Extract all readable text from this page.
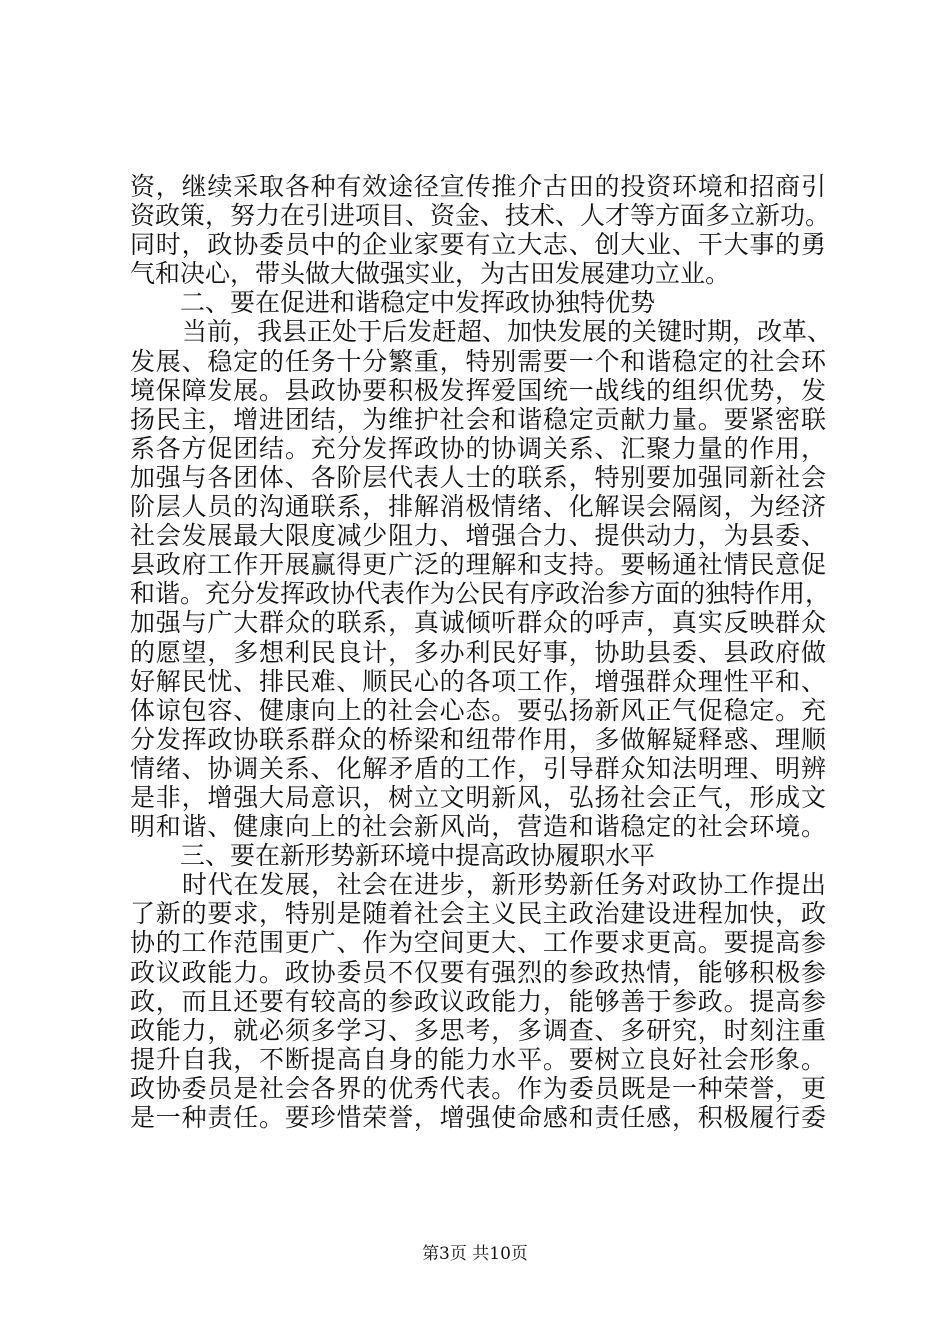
资，继续采取各种有效途径宣传推介古田的投资环境和招商引
资政策，努力在引进项目、资金、技术、人才等方面多立新功。
同时，政协委员中的企业家要有立大志、创大业、干大事的勇
气和决心，带头做大做强实业，为古田发展建功立业。
二、要在促进和谐稳定中发挥政协独特优势
当前，我县正处于后发赶超、加快发展的关键时期，改革、
发展、稳定的任务十分繁重，特别需要一个和谐稳定的社会环
境保障发展。县政协要积极发挥爱国统一战线的组织优势，发
扬民主，增进团结，为维护社会和谐稳定贡献力量。要紧密联
系各方促团结。充分发挥政协的协调关系、汇聚力量的作用，
加强与各团体、各阶层代表人士的联系，特别要加强同新社会
阶层人员的沟通联系，排解消极情绪、化解误会隔阂，为经济
社会发展最大限度减少阻力、增强合力、提供动力，为县委、
县政府工作开展赢得更广泛的理解和支持。要畅通社情民意促
和谐。充分发挥政协代表作为公民有序政治参方面的独特作用，
加强与广大群众的联系，真诚倾听群众的呼声，真实反映群众
的愿望，多想利民良计，多办利民好事，协助县委、县政府做
好解民忧、排民难、顺民心的各项工作，增强群众理性平和、
体谅包容、健康向上的社会心态。要弘扬新风正气促稳定。充
分发挥政协联系群众的桥梁和纽带作用，多做解疑释惑、理顺
情绪、协调关系、化解矛盾的工作，引导群众知法明理、明辨
是非，增强大局意识，树立文明新风，弘扬社会正气，形成文
明和谐、健康向上的社会新风尚，营造和谐稳定的社会环境。
三、要在新形势新环境中提高政协履职水平
时代在发展，社会在进步，新形势新任务对政协工作提出
了新的要求，特别是随着社会主义民主政治建设进程加快，政
协的工作范围更广、作为空间更大、工作要求更高。要提高参
政议政能力。政协委员不仅要有强烈的参政热情，能够积极参
政，而且还要有较高的参政议政能力，能够善于参政。提高参
政能力，就必须多学习、多思考，多调查、多研究，时刻注重
提升自我，不断提高自身的能力水平。要树立良好社会形象。
政协委员是社会各界的优秀代表。作为委员既是一种荣誉，更
是一种责任。要珍惜荣誉，增强使命感和责任感，积极履行委
第3页 共10页
